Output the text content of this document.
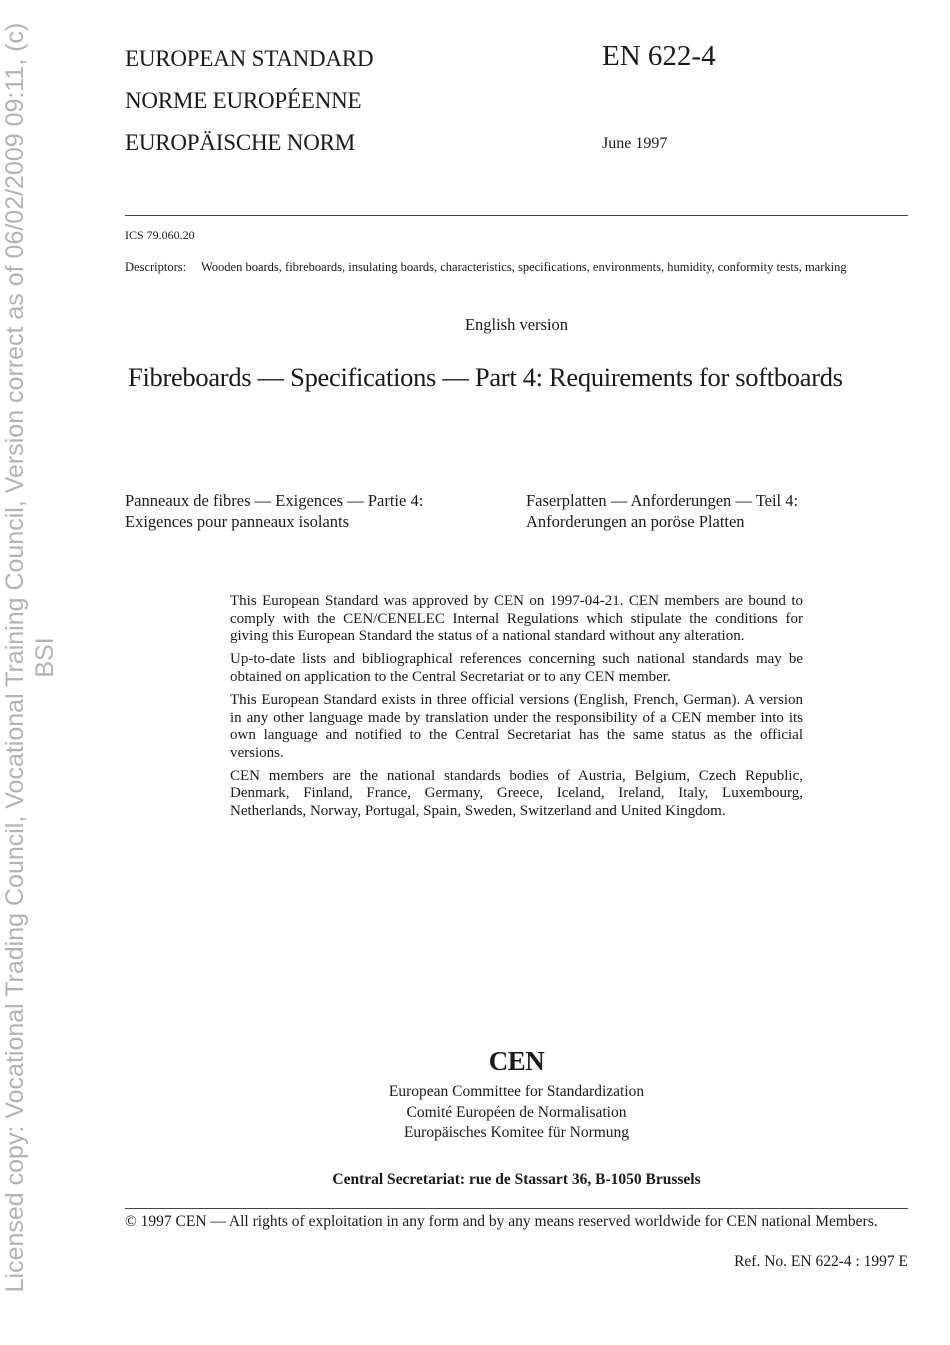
Licensed copy: Vocational Trading Council, Vocational Training Council, Version correct as of 06/02/2009 09:11, (c) BSI
EUROPEAN STANDARD
NORME EUROPÉENNE
EUROPÄISCHE NORM
EN 622-4
June 1997
ICS 79.060.20
Descriptors:	Wooden boards, fibreboards, insulating boards, characteristics, specifications, environments, humidity, conformity tests, marking
English version
Fibreboards — Specifications — Part 4: Requirements for softboards
Panneaux de fibres — Exigences — Partie 4:
Exigences pour panneaux isolants
Faserplatten — Anforderungen — Teil 4:
Anforderungen an poröse Platten

This European Standard was approved by CEN on 1997-04-21. CEN members are bound to comply with the CEN/CENELEC Internal Regulations which stipulate the conditions for giving this European Standard the status of a national standard without any alteration.

Up-to-date lists and bibliographical references concerning such national standards may be obtained on application to the Central Secretariat or to any CEN member.

This European Standard exists in three official versions (English, French, German). A version in any other language made by translation under the responsibility of a CEN member into its own language and notified to the Central Secretariat has the same status as the official versions.

CEN members are the national standards bodies of Austria, Belgium, Czech Republic, Denmark, Finland, France, Germany, Greece, Iceland, Ireland, Italy, Luxembourg, Netherlands, Norway, Portugal, Spain, Sweden, Switzerland and United Kingdom.

CEN
European Committee for Standardization
Comité Européen de Normalisation
Europäisches Komitee für Normung
Central Secretariat: rue de Stassart 36, B-1050 Brussels
© 1997 CEN — All rights of exploitation in any form and by any means reserved worldwide for CEN national Members.
Ref. No. EN 622-4 : 1997 E
